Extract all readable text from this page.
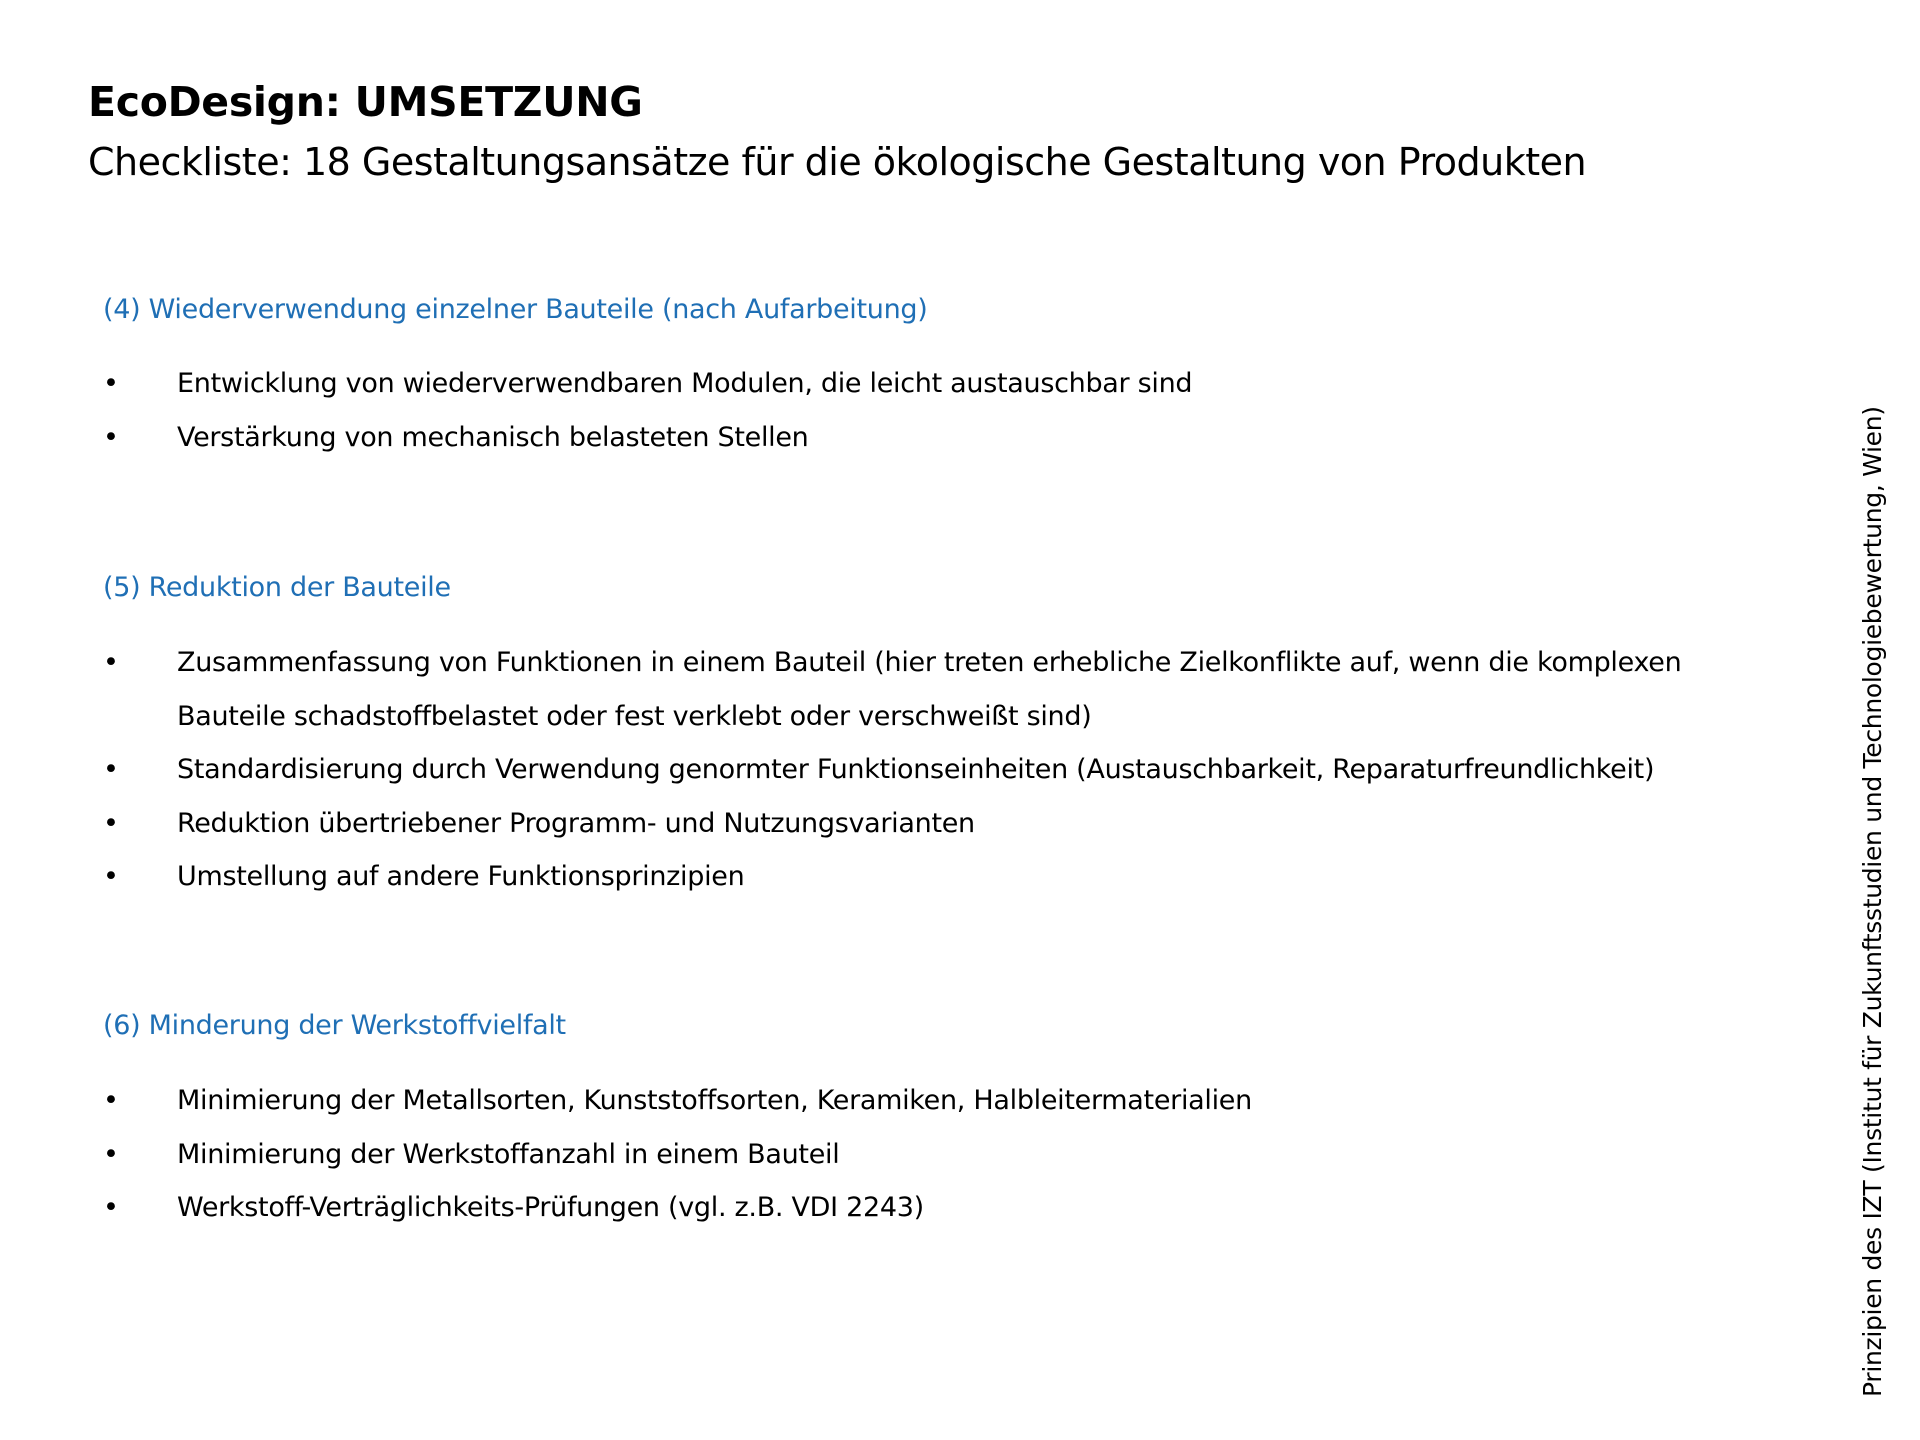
EcoDesign: UMSETZUNG
Checkliste: 18 Gestaltungsansätze für die ökologische Gestaltung von Produkten
(4) Wiederverwendung einzelner Bauteile (nach Aufarbeitung)
• Entwicklung von wiederverwendbaren Modulen, die leicht austauschbar sind
• Verstärkung von mechanisch belasteten Stellen
(5) Reduktion der Bauteile
• Zusammenfassung von Funktionen in einem Bauteil (hier treten erhebliche Zielkonflikte auf, wenn die komplexen Bauteile schadstoffbelastet oder fest verklebt oder verschweißt sind)
• Standardisierung durch Verwendung genormter Funktionseinheiten (Austauschbarkeit, Reparaturfreundlichkeit)
• Reduktion übertriebener Programm- und Nutzungsvarianten
• Umstellung auf andere Funktionsprinzipien
(6) Minderung der Werkstoffvielfalt
• Minimierung der Metallsorten, Kunststoffsorten, Keramiken, Halbleitermaterialien
• Minimierung der Werkstoffanzahl in einem Bauteil
• Werkstoff-Verträglichkeits-Prüfungen (vgl. z.B. VDI 2243)	Prinzipien des IZT (Institut für Zukunftsstudien und Technologiebewertung, Wien)
